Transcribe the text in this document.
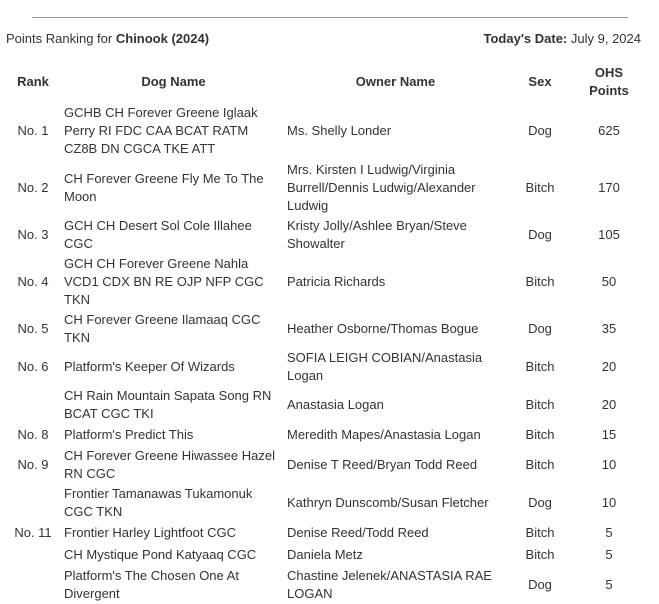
Points Ranking for Chinook (2024)	Today's Date: July 9, 2024
Rank	Dog Name	Owner Name	Sex	OHS Points
No. 1	GCHB CH Forever Greene Iglaak Perry RI FDC CAA BCAT RATM CZ8B DN CGCA TKE ATT	Ms. Shelly Londer	Dog	625
No. 2	CH Forever Greene Fly Me To The Moon	Mrs. Kirsten I Ludwig/Virginia Burrell/Dennis Ludwig/Alexander Ludwig	Bitch	170
No. 3	GCH CH Desert Sol Cole Illahee CGC	Kristy Jolly/Ashlee Bryan/Steve Showalter	Dog	105
No. 4	GCH CH Forever Greene Nahla VCD1 CDX BN RE OJP NFP CGC TKN	Patricia Richards	Bitch	50
No. 5	CH Forever Greene Ilamaaq CGC TKN	Heather Osborne/Thomas Bogue	Dog	35
No. 6	Platform's Keeper Of Wizards	SOFIA LEIGH COBIAN/Anastasia Logan	Bitch	20
	CH Rain Mountain Sapata Song RN BCAT CGC TKI	Anastasia Logan	Bitch	20
No. 8	Platform's Predict This	Meredith Mapes/Anastasia Logan	Bitch	15
No. 9	CH Forever Greene Hiwassee Hazel RN CGC	Denise T Reed/Bryan Todd Reed	Bitch	10
	Frontier Tamanawas Tukamonuk CGC TKN	Kathryn Dunscomb/Susan Fletcher	Dog	10
No. 11	Frontier Harley Lightfoot CGC	Denise Reed/Todd Reed	Bitch	5
	CH Mystique Pond Katyaaq CGC	Daniela Metz	Bitch	5
	Platform's The Chosen One At Divergent	Chastine Jelenek/ANASTASIA RAE LOGAN	Dog	5
